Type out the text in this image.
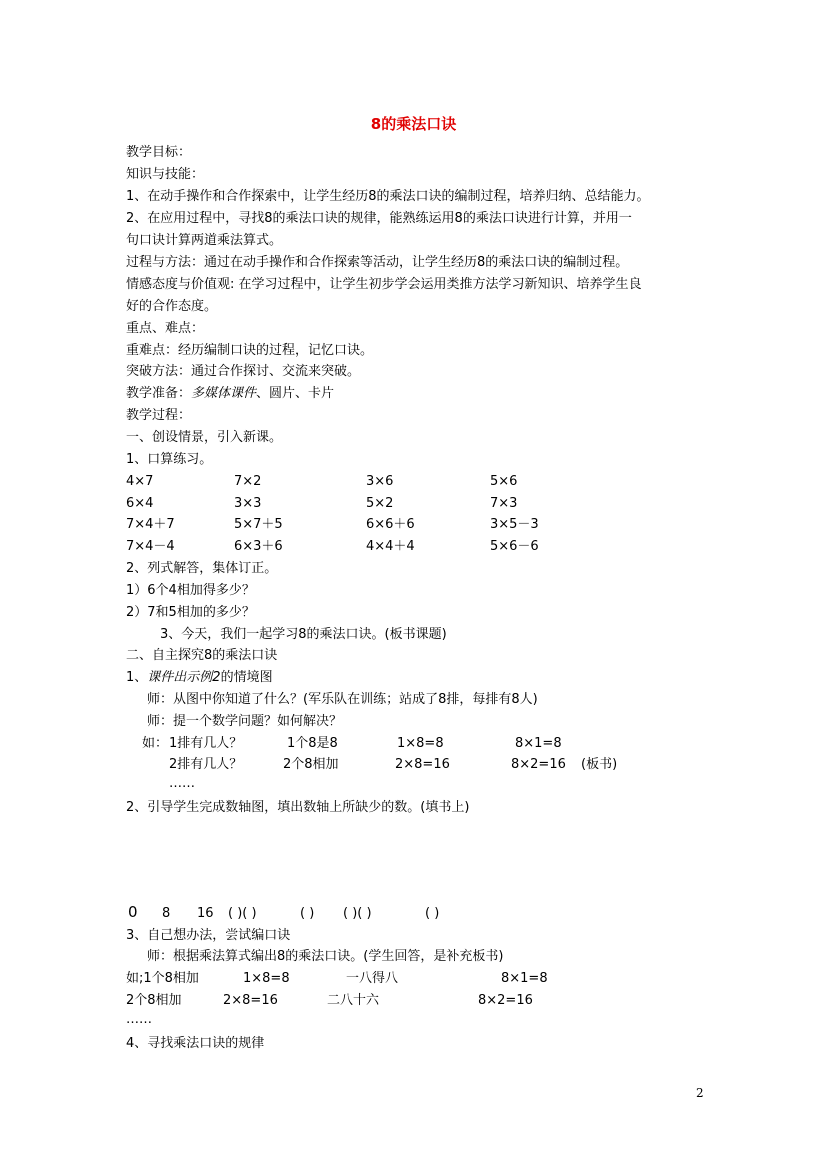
8的乘法口诀
教学目标：
知识与技能：
1、在动手操作和合作探索中，让学生经历8的乘法口诀的编制过程，培养归纳、总结能力。
2、在应用过程中，寻找8的乘法口诀的规律，能熟练运用8的乘法口诀进行计算，并用一
句口诀计算两道乘法算式。
过程与方法：通过在动手操作和合作探索等活动，让学生经历8的乘法口诀的编制过程。
情感态度与价值观: 在学习过程中，让学生初步学会运用类推方法学习新知识、培养学生良
好的合作态度。
重点、难点：
重难点：经历编制口诀的过程，记忆口诀。
突破方法：通过合作探讨、交流来突破。
教学准备：多媒体课件、圆片、卡片
教学过程：
一、创设情景，引入新课。
1、口算练习。
4×7	7×2	3×6	5×6
6×4	3×3	5×2	7×3
7×4＋7	5×7＋5	6×6＋6	3×5－3
7×4－4	6×3＋6	4×4＋4	5×6－6
2、列式解答，集体订正。
1）6个4相加得多少？
2）7和5相加的多少？
3、今天，我们一起学习8的乘法口诀。(板书课题)
二、自主探究8的乘法口诀
1、课件出示例2的情境图
师：从图中你知道了什么？(军乐队在训练；站成了8排，每排有8人)
师：提一个数学问题？如何解决？
如： 1排有几人？	1个8是8	1×8=8	8×1=8
2排有几人？	2个8相加	2×8=16	8×2=16 (板书)
……
2、引导学生完成数轴图，填出数轴上所缺少的数。(填书上)
0 8 16 ( )( )	( ) ( )( )	( )
3、自己想办法，尝试编口诀
师：根据乘法算式编出8的乘法口诀。(学生回答，是补充板书)
如;1个8相加	1×8=8	一八得八	8×1=8
2个8相加	2×8=16	二八十六	8×2=16
……
4、寻找乘法口诀的规律
2
